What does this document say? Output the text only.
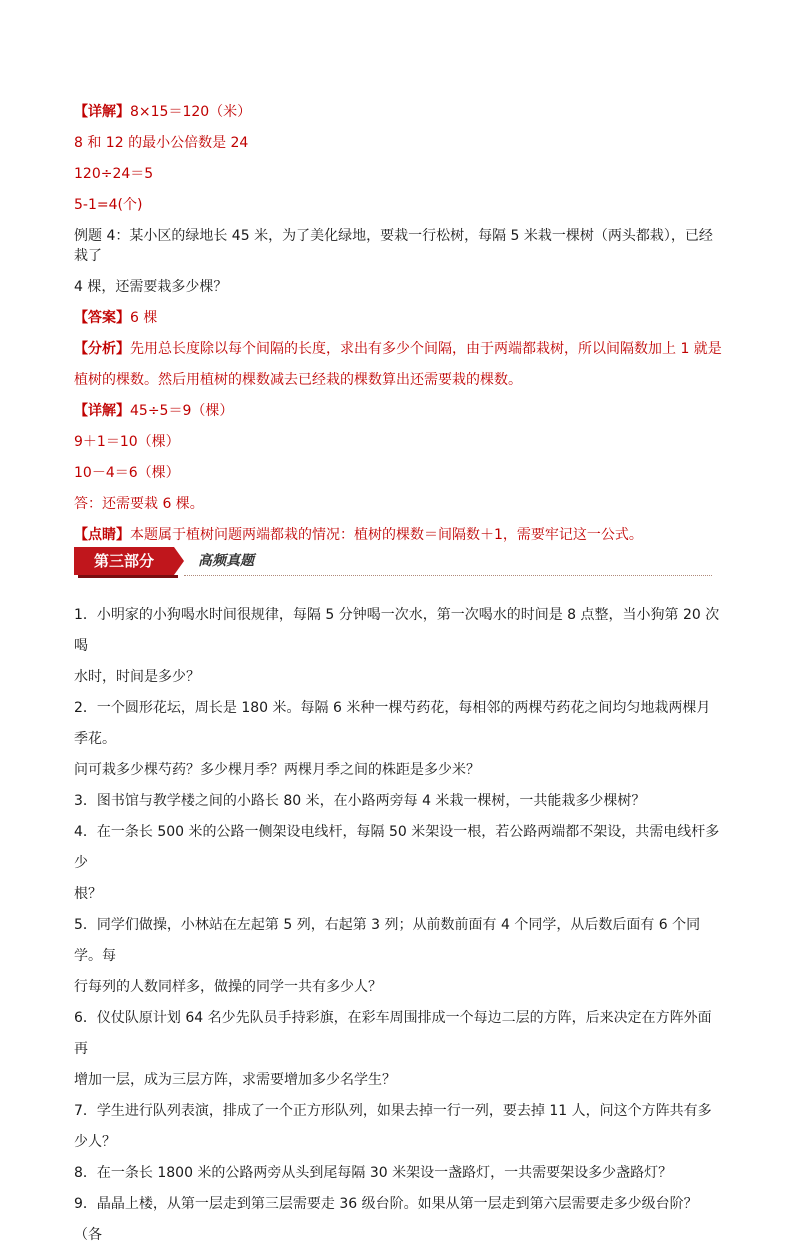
【详解】8×15＝120（米）

8 和 12 的最小公倍数是 24

120÷24＝5

5-1=4(个)

例题 4：某小区的绿地长 45 米，为了美化绿地，要栽一行松树，每隔 5 米栽一棵树（两头都栽），已经栽了

4 棵，还需要栽多少棵？

【答案】6 棵

【分析】先用总长度除以每个间隔的长度，求出有多少个间隔，由于两端都栽树，所以间隔数加上 1 就是

植树的棵数。然后用植树的棵数减去已经栽的棵数算出还需要栽的棵数。

【详解】45÷5＝9（棵）

9＋1＝10（棵）

10－4＝6（棵）

答：还需要栽 6 棵。

【点睛】本题属于植树问题两端都栽的情况：植树的棵数＝间隔数＋1，需要牢记这一公式。

第三部分	高频真题

1．小明家的小狗喝水时间很规律，每隔 5 分钟喝一次水，第一次喝水的时间是 8 点整，当小狗第 20 次喝

水时，时间是多少？

2．一个圆形花坛，周长是 180 米。每隔 6 米种一棵芍药花，每相邻的两棵芍药花之间均匀地栽两棵月季花。

问可栽多少棵芍药？多少棵月季？两棵月季之间的株距是多少米？

3．图书馆与教学楼之间的小路长 80 米，在小路两旁每 4 米栽一棵树，一共能栽多少棵树？

4．在一条长 500 米的公路一侧架设电线杆，每隔 50 米架设一根，若公路两端都不架设，共需电线杆多少

根？

5．同学们做操，小林站在左起第 5 列，右起第 3 列；从前数前面有 4 个同学，从后数后面有 6 个同学。每

行每列的人数同样多，做操的同学一共有多少人？

6．仪仗队原计划 64 名少先队员手持彩旗，在彩车周围排成一个每边二层的方阵，后来决定在方阵外面再

增加一层，成为三层方阵，求需要增加多少名学生？

7．学生进行队列表演，排成了一个正方形队列，如果去掉一行一列，要去掉 11 人，问这个方阵共有多少人？

8．在一条长 1800 米的公路两旁从头到尾每隔 30 米架设一盏路灯，一共需要架设多少盏路灯？

9．晶晶上楼，从第一层走到第三层需要走 36 级台阶。如果从第一层走到第六层需要走多少级台阶？（各
